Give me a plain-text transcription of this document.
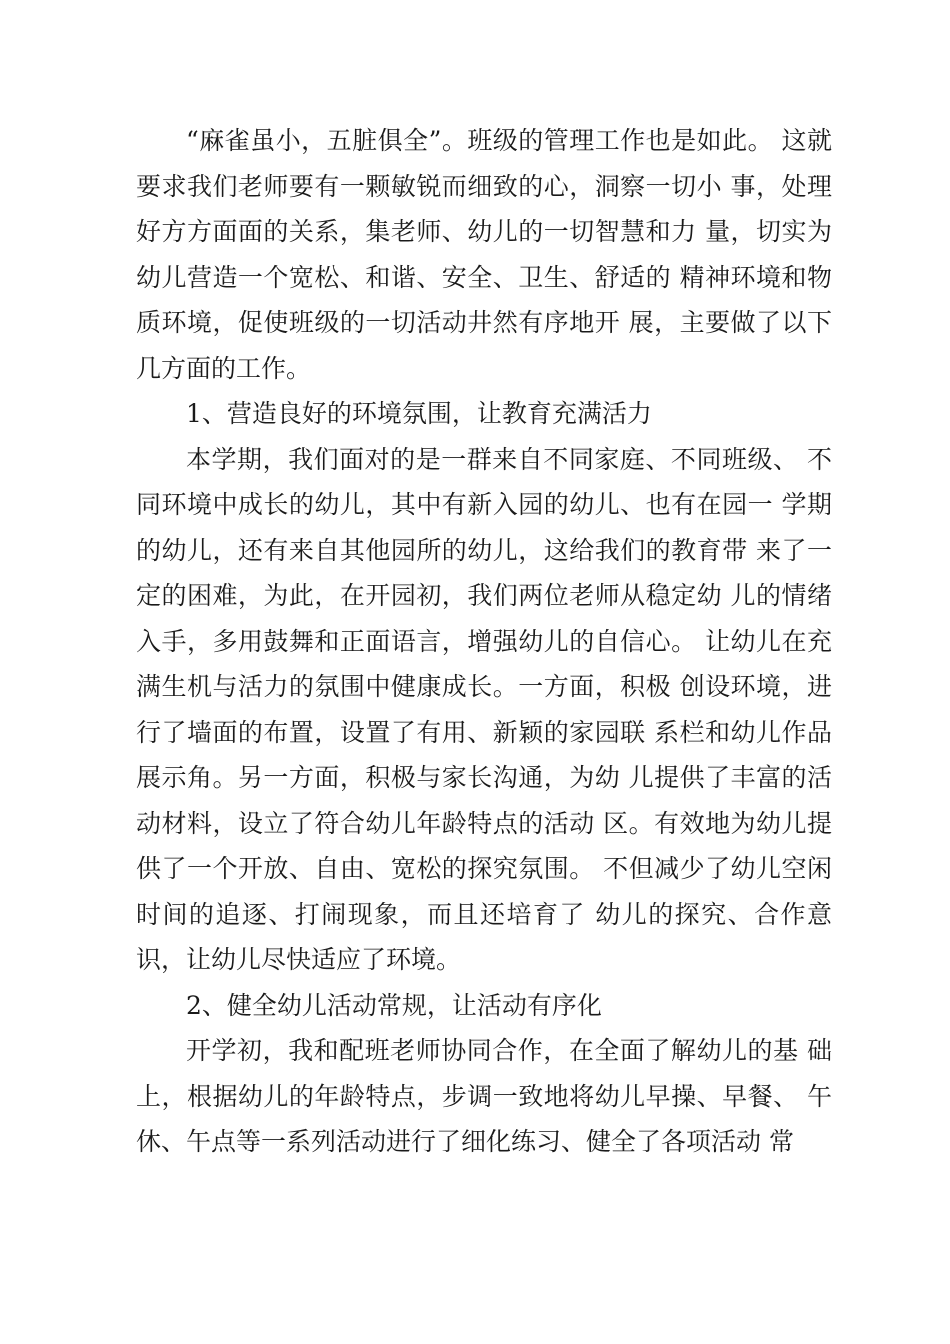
“麻雀虽小，五脏俱全”。班级的管理工作也是如此。 这就要求我们老师要有一颗敏锐而细致的心，洞察一切小 事，处理好方方面面的关系，集老师、幼儿的一切智慧和力 量，切实为幼儿营造一个宽松、和谐、安全、卫生、舒适的 精神环境和物质环境，促使班级的一切活动井然有序地开 展，主要做了以下几方面的工作。

1、营造良好的环境氛围，让教育充满活力

本学期，我们面对的是一群来自不同家庭、不同班级、 不同环境中成长的幼儿，其中有新入园的幼儿、也有在园一 学期的幼儿，还有来自其他园所的幼儿，这给我们的教育带 来了一定的困难，为此，在开园初，我们两位老师从稳定幼 儿的情绪入手，多用鼓舞和正面语言，增强幼儿的自信心。 让幼儿在充满生机与活力的氛围中健康成长。一方面，积极 创设环境，进行了墙面的布置，设置了有用、新颖的家园联 系栏和幼儿作品展示角。另一方面，积极与家长沟通，为幼 儿提供了丰富的活动材料，设立了符合幼儿年龄特点的活动 区。有效地为幼儿提供了一个开放、自由、宽松的探究氛围。 不但减少了幼儿空闲时间的追逐、打闹现象，而且还培育了 幼儿的探究、合作意识，让幼儿尽快适应了环境。

2、健全幼儿活动常规，让活动有序化

开学初，我和配班老师协同合作，在全面了解幼儿的基 础上，根据幼儿的年龄特点，步调一致地将幼儿早操、早餐、 午休、午点等一系列活动进行了细化练习、健全了各项活动 常
